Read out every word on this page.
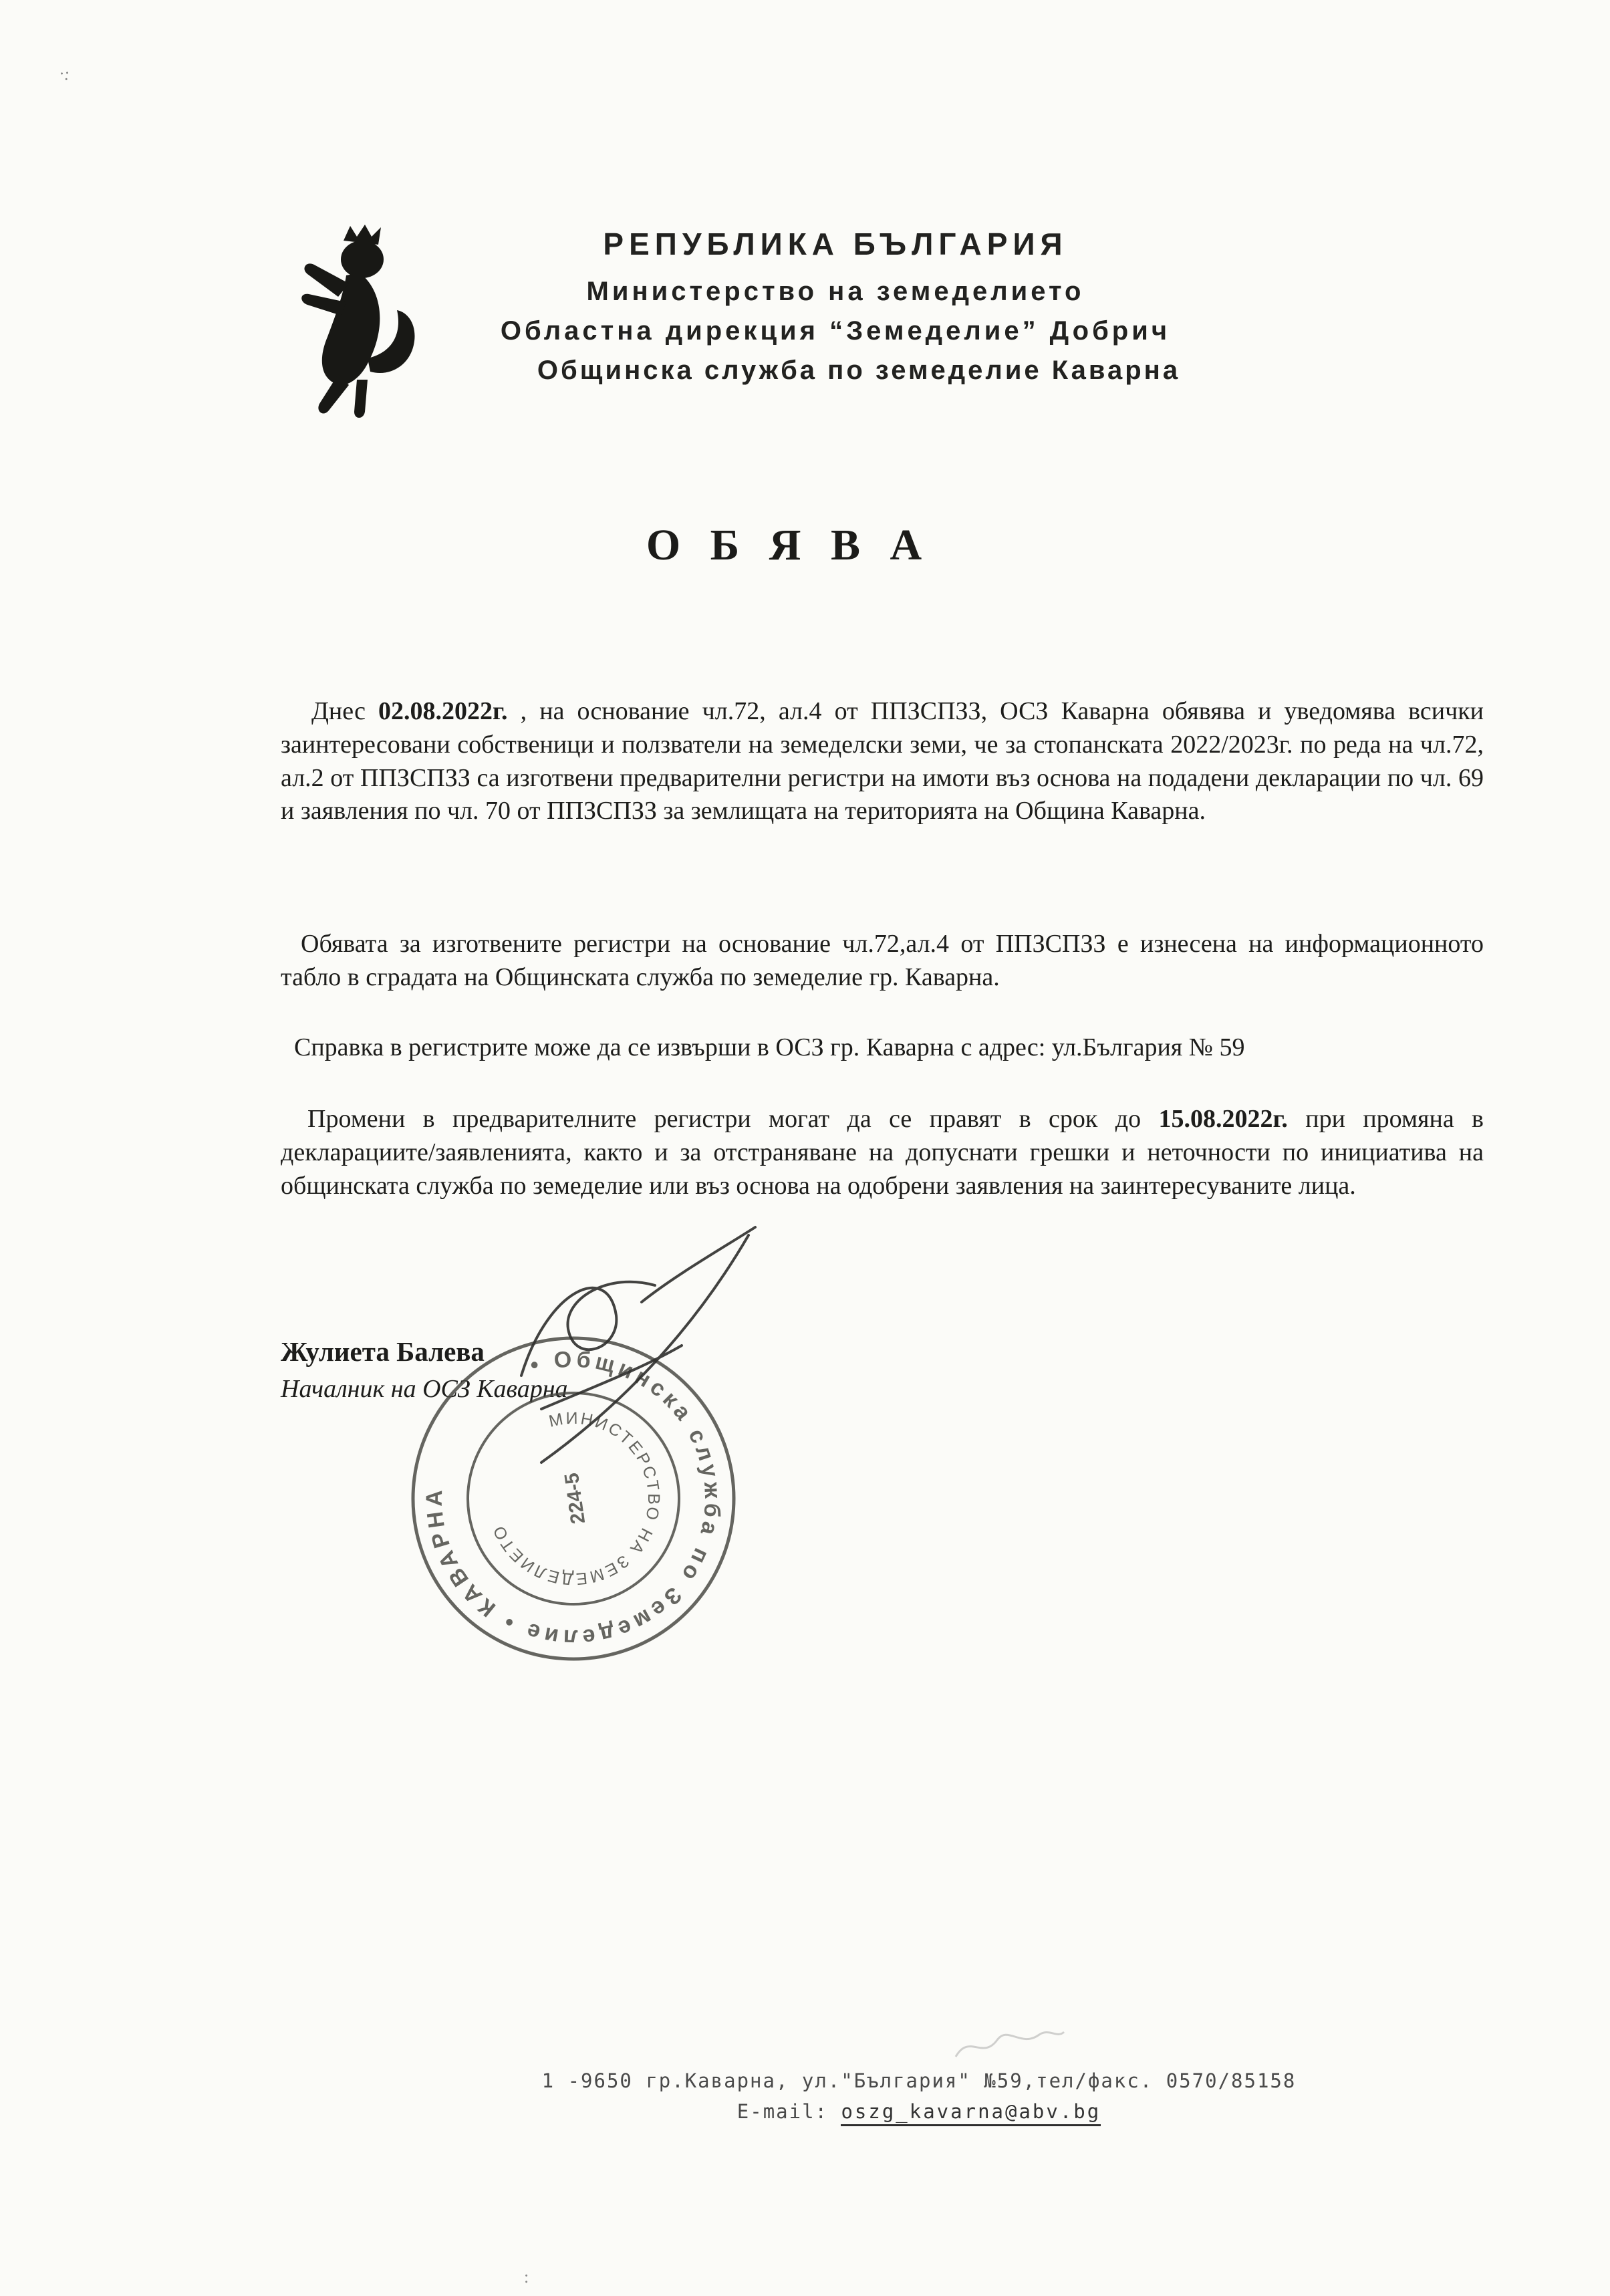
·:
:
РЕПУБЛИКА БЪЛГАРИЯ
Министерство на земеделието
Областна дирекция “Земеделие” Добрич
Общинска служба по земеделие Каварна
О Б Я В А

Днес 02.08.2022г. , на основание чл.72, ал.4 от ППЗСПЗЗ, ОСЗ Каварна обявява и уведомява всички заинтересовани собственици и ползватели на земеделски земи, че за стопанската 2022/2023г. по реда на чл.72, ал.2 от ППЗСПЗЗ са изготвени предварителни регистри на имоти въз основа на подадени декларации по чл. 69 и заявления по чл. 70 от ППЗСПЗЗ за землищата на територията на Община Каварна.

Обявата за изготвените регистри на основание чл.72,ал.4 от ППЗСПЗЗ е изнесена на информационното табло в сградата на Общинската служба по земеделие гр. Каварна.

Справка в регистрите може да се извърши в ОСЗ гр. Каварна с адрес: ул.България № 59

Промени в предварителните регистри могат да се правят в срок до 15.08.2022г. при промяна в декларациите/заявленията, както и за отстраняване на допуснати грешки и неточности по инициатива на общинската служба по земеделие или въз основа на одобрени заявления на заинтересуваните лица.

Жулиета Балева

Началник на ОСЗ Каварна

• Общинска служба по Земеделие • КАВАРНА
МИНИСТЕРСТВО НА ЗЕМЕДЕЛИЕТО
224-5
1 -9650 гр.Каварна, ул."България" №59,тел/факс. 0570/85158
E-mail: oszg_kavarna@abv.bg
